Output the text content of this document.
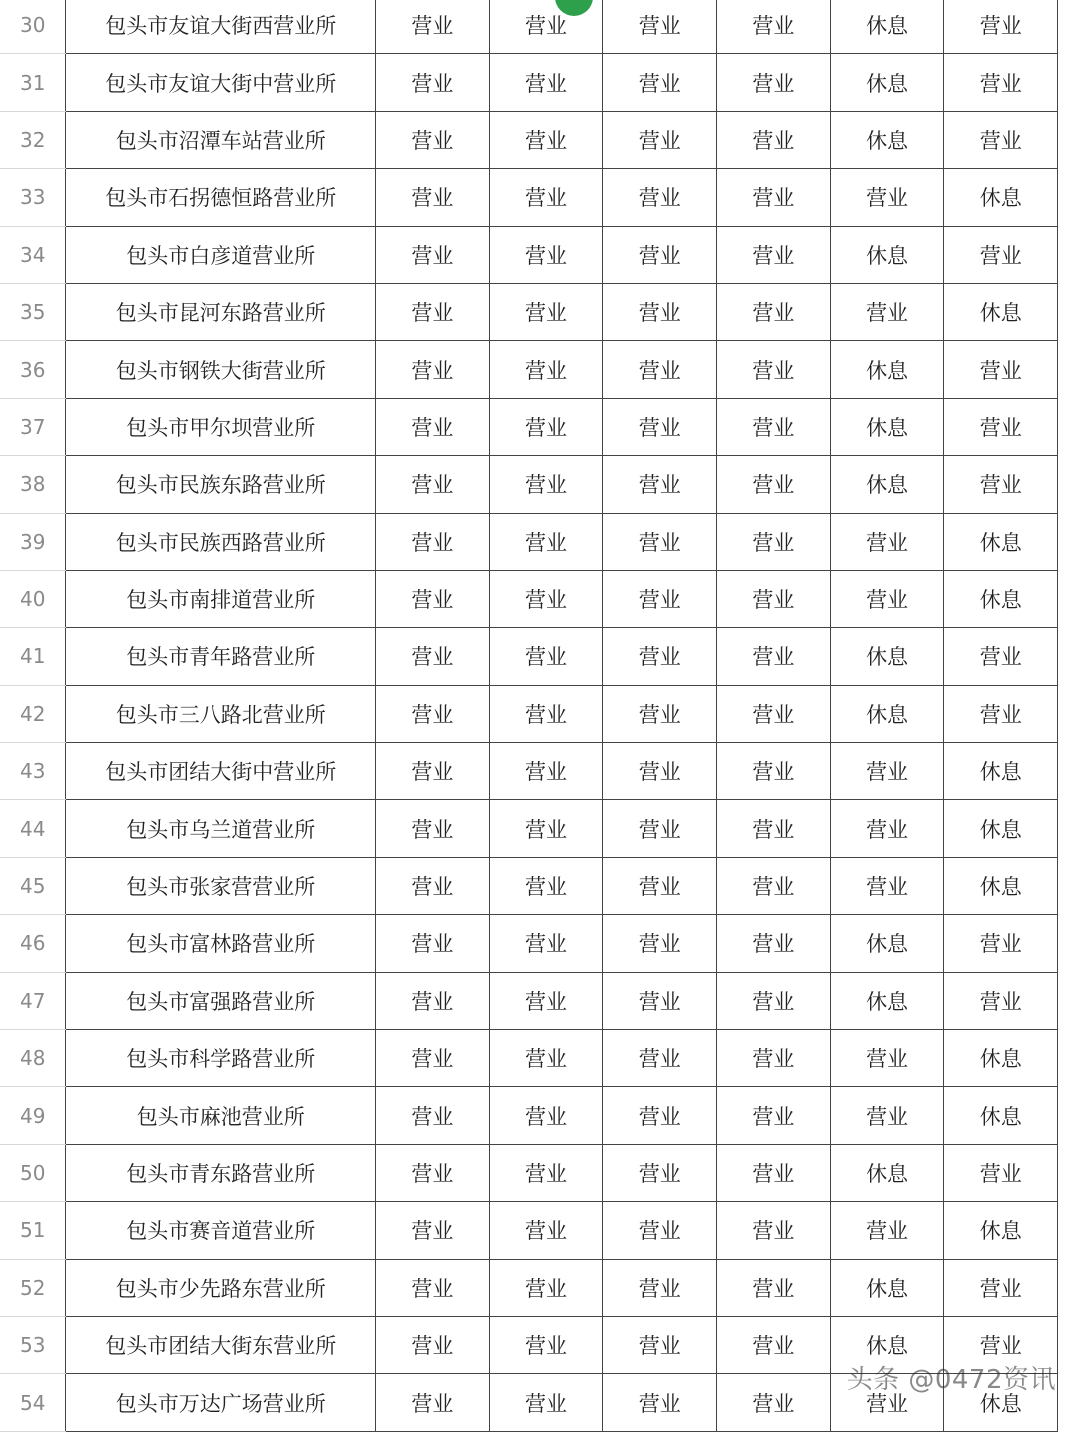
30	包头市友谊大街西营业所	营业	营业	营业	营业	休息	营业	
31	包头市友谊大街中营业所	营业	营业	营业	营业	休息	营业	
32	包头市沼潭车站营业所	营业	营业	营业	营业	休息	营业	
33	包头市石拐德恒路营业所	营业	营业	营业	营业	营业	休息	
34	包头市白彦道营业所	营业	营业	营业	营业	休息	营业	
35	包头市昆河东路营业所	营业	营业	营业	营业	营业	休息	
36	包头市钢铁大街营业所	营业	营业	营业	营业	休息	营业	
37	包头市甲尔坝营业所	营业	营业	营业	营业	休息	营业	
38	包头市民族东路营业所	营业	营业	营业	营业	休息	营业	
39	包头市民族西路营业所	营业	营业	营业	营业	营业	休息	
40	包头市南排道营业所	营业	营业	营业	营业	营业	休息	
41	包头市青年路营业所	营业	营业	营业	营业	休息	营业	
42	包头市三八路北营业所	营业	营业	营业	营业	休息	营业	
43	包头市团结大街中营业所	营业	营业	营业	营业	营业	休息	
44	包头市乌兰道营业所	营业	营业	营业	营业	营业	休息	
45	包头市张家营营业所	营业	营业	营业	营业	营业	休息	
46	包头市富林路营业所	营业	营业	营业	营业	休息	营业	
47	包头市富强路营业所	营业	营业	营业	营业	休息	营业	
48	包头市科学路营业所	营业	营业	营业	营业	营业	休息	
49	包头市麻池营业所	营业	营业	营业	营业	营业	休息	
50	包头市青东路营业所	营业	营业	营业	营业	休息	营业	
51	包头市赛音道营业所	营业	营业	营业	营业	营业	休息	
52	包头市少先路东营业所	营业	营业	营业	营业	休息	营业	
53	包头市团结大街东营业所	营业	营业	营业	营业	休息	营业	
54	包头市万达广场营业所	营业	营业	营业	营业	营业	休息	
头条 @0472资讯
